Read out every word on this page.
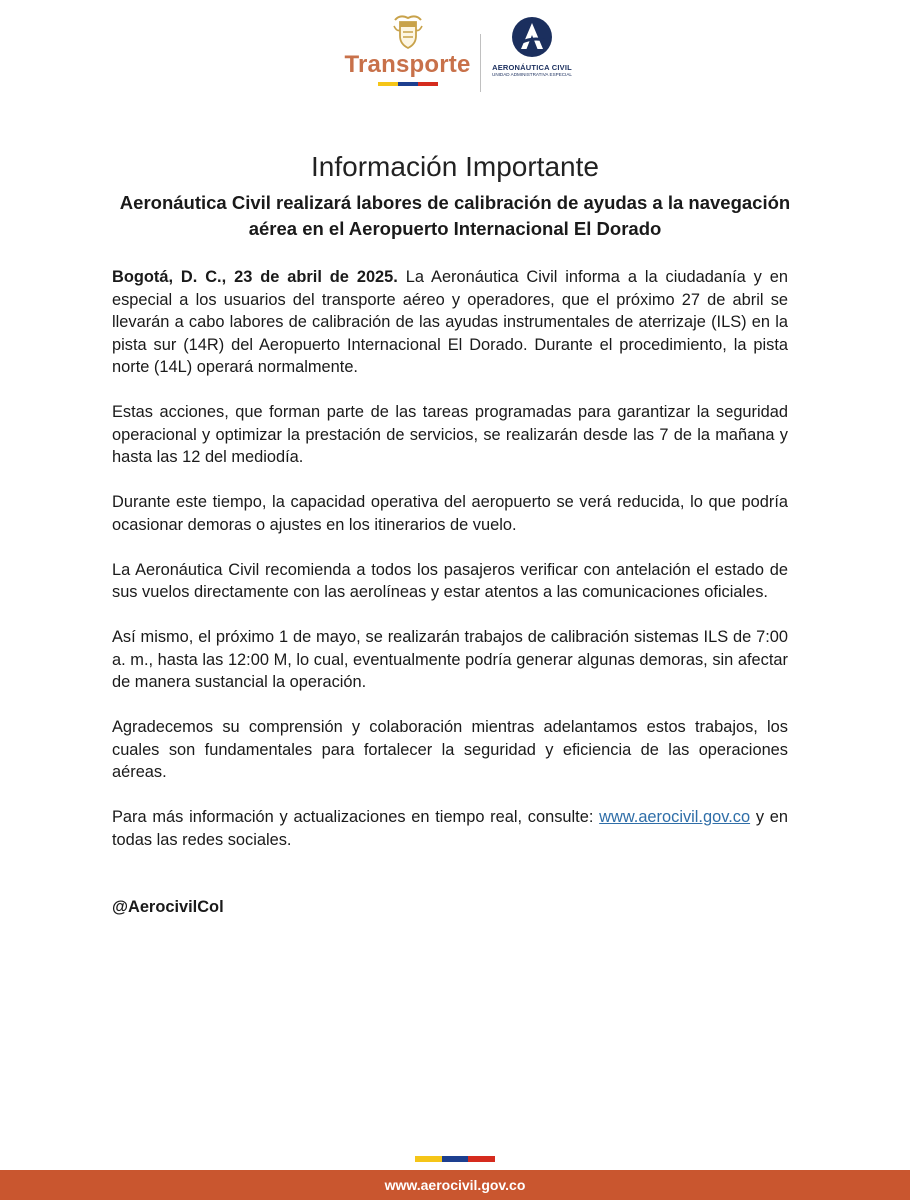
Transporte	AERONÁUTICA CIVIL
UNIDAD ADMINISTRATIVA ESPECIAL
Información Importante
Aeronáutica Civil realizará labores de calibración de ayudas a la navegación aérea en el Aeropuerto Internacional El Dorado

Bogotá, D. C., 23 de abril de 2025. La Aeronáutica Civil informa a la ciudadanía y en especial a los usuarios del transporte aéreo y operadores, que el próximo 27 de abril se llevarán a cabo labores de calibración de las ayudas instrumentales de aterrizaje (ILS) en la pista sur (14R) del Aeropuerto Internacional El Dorado. Durante el procedimiento, la pista norte (14L) operará normalmente.

Estas acciones, que forman parte de las tareas programadas para garantizar la seguridad operacional y optimizar la prestación de servicios, se realizarán desde las 7 de la mañana y hasta las 12 del mediodía.

Durante este tiempo, la capacidad operativa del aeropuerto se verá reducida, lo que podría ocasionar demoras o ajustes en los itinerarios de vuelo.

La Aeronáutica Civil recomienda a todos los pasajeros verificar con antelación el estado de sus vuelos directamente con las aerolíneas y estar atentos a las comunicaciones oficiales.

Así mismo, el próximo 1 de mayo, se realizarán trabajos de calibración sistemas ILS de 7:00 a. m., hasta las 12:00 M, lo cual, eventualmente podría generar algunas demoras, sin afectar de manera sustancial la operación.

Agradecemos su comprensión y colaboración mientras adelantamos estos trabajos, los cuales son fundamentales para fortalecer la seguridad y eficiencia de las operaciones aéreas.

Para más información y actualizaciones en tiempo real, consulte: www.aerocivil.gov.co y en todas las redes sociales.

@AerocivilCol

www.aerocivil.gov.co
